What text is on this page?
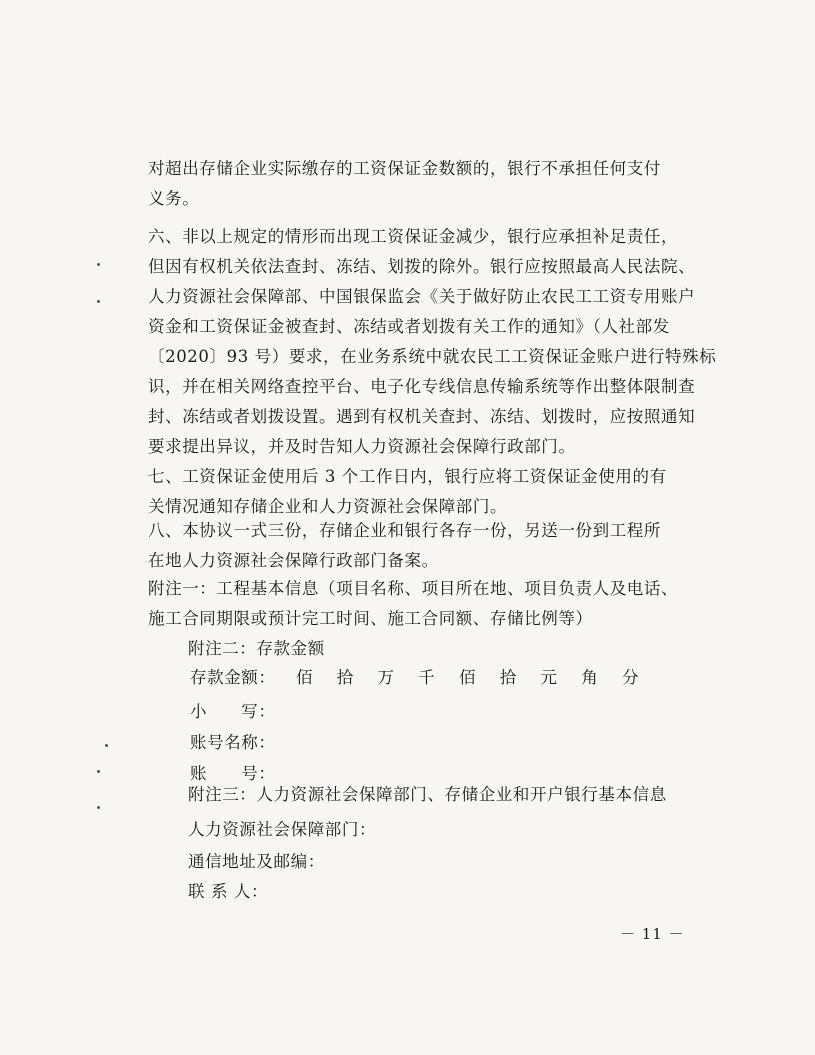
对超出存储企业实际缴存的工资保证金数额的，银行不承担任何支付
义务。
六、非以上规定的情形而出现工资保证金减少，银行应承担补足责任，
但因有权机关依法查封、冻结、划拨的除外。银行应按照最高人民法院、
人力资源社会保障部、中国银保监会《关于做好防止农民工工资专用账户
资金和工资保证金被查封、冻结或者划拨有关工作的通知》（人社部发
〔2020〕93 号）要求，在业务系统中就农民工工资保证金账户进行特殊标
识，并在相关网络查控平台、电子化专线信息传输系统等作出整体限制查
封、冻结或者划拨设置。遇到有权机关查封、冻结、划拨时，应按照通知
要求提出异议，并及时告知人力资源社会保障行政部门。
七、工资保证金使用后 3 个工作日内，银行应将工资保证金使用的有
关情况通知存储企业和人力资源社会保障部门。
八、本协议一式三份，存储企业和银行各存一份，另送一份到工程所
在地人力资源社会保障行政部门备案。
附注一：工程基本信息（项目名称、项目所在地、项目负责人及电话、
施工合同期限或预计完工时间、施工合同额、存储比例等）
附注二：存款金额
存款金额： 佰 拾 万 千 佰 拾 元 角 分
小　　写：
账号名称：
账　　号：
附注三：人力资源社会保障部门、存储企业和开户银行基本信息
人力资源社会保障部门：
通信地址及邮编：
联 系 人：
－ 11 －
